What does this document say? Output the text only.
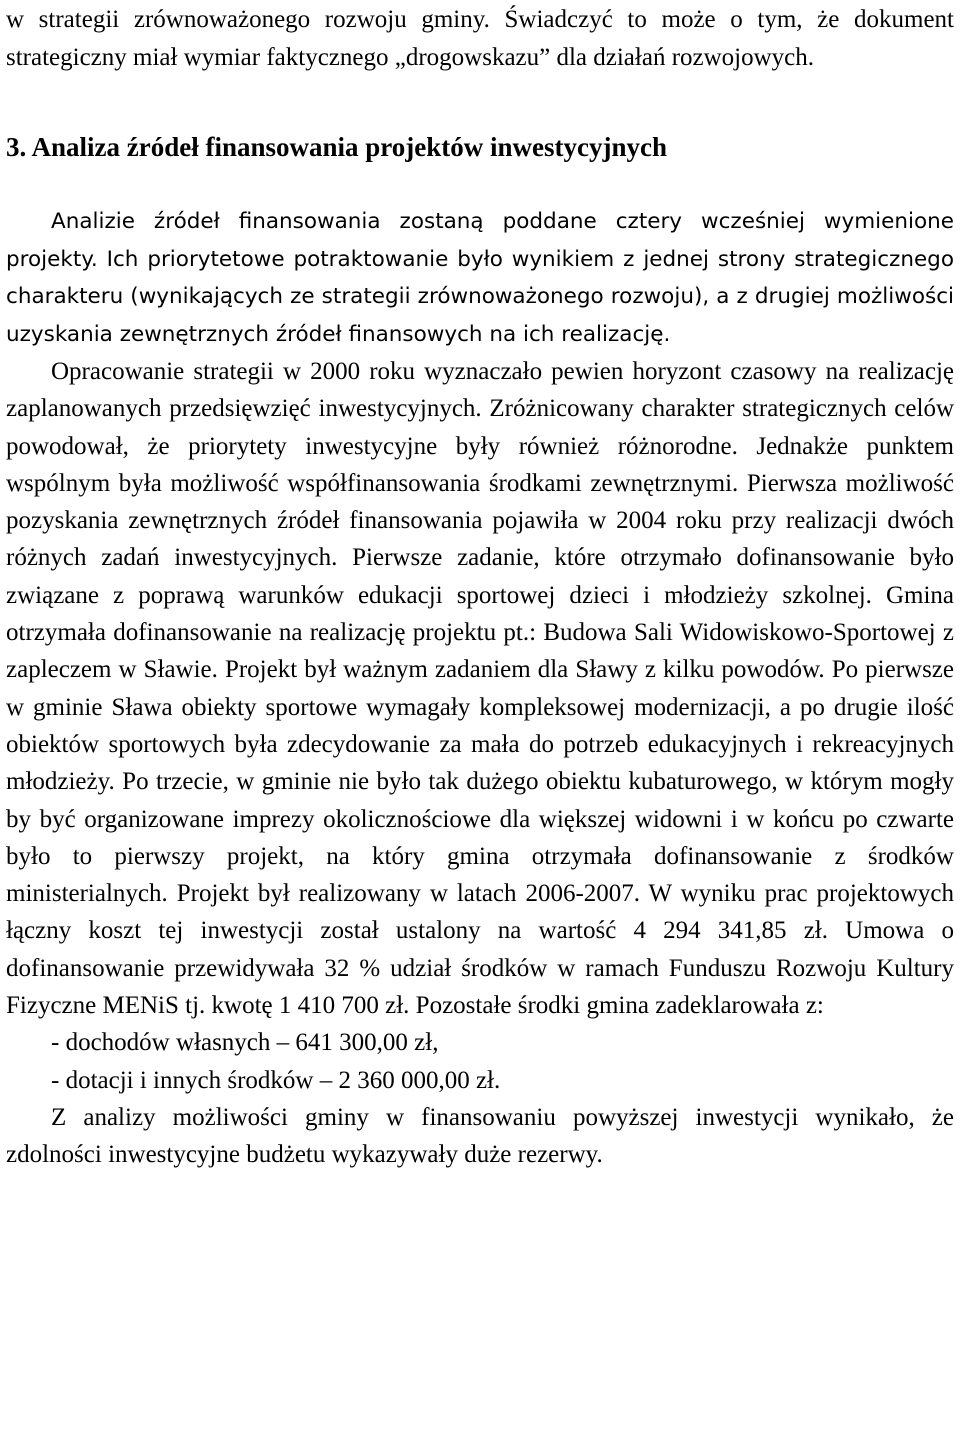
w strategii zrównoważonego rozwoju gminy. Świadczyć to może o tym, że dokument strategiczny miał wymiar faktycznego „drogowskazu” dla działań rozwojowych.

3. Analiza źródeł finansowania projektów inwestycyjnych

Analizie źródeł finansowania zostaną poddane cztery wcześniej wymienione projekty. Ich priorytetowe potraktowanie było wynikiem z jednej strony strategicznego charakteru (wynikających ze strategii zrównoważonego rozwoju), a z drugiej możliwości uzyskania zewnętrznych źródeł finansowych na ich realizację.

Opracowanie strategii w 2000 roku wyznaczało pewien horyzont czasowy na realizację zaplanowanych przedsięwzięć inwestycyjnych. Zróżnicowany charakter strategicznych celów powodował, że priorytety inwestycyjne były również różnorodne. Jednakże punktem wspólnym była możliwość współfinansowania środkami zewnętrznymi. Pierwsza możliwość pozyskania zewnętrznych źródeł finansowania pojawiła w 2004 roku przy realizacji dwóch różnych zadań inwestycyjnych. Pierwsze zadanie, które otrzymało dofinansowanie było związane z poprawą warunków edukacji sportowej dzieci i młodzieży szkolnej. Gmina otrzymała dofinansowanie na realizację projektu pt.: Budowa Sali Widowiskowo-Sportowej z zapleczem w Sławie. Projekt był ważnym zadaniem dla Sławy z kilku powodów. Po pierwsze w gminie Sława obiekty sportowe wymagały kompleksowej modernizacji, a po drugie ilość obiektów sportowych była zdecydowanie za mała do potrzeb edukacyjnych i rekreacyjnych młodzieży. Po trzecie, w gminie nie było tak dużego obiektu kubaturowego, w którym mogły by być organizowane imprezy okolicznościowe dla większej widowni i w końcu po czwarte było to pierwszy projekt, na który gmina otrzymała dofinansowanie z środków ministerialnych. Projekt był realizowany w latach 2006-2007. W wyniku prac projektowych łączny koszt tej inwestycji został ustalony na wartość 4 294 341,85 zł. Umowa o dofinansowanie przewidywała 32 % udział środków w ramach Funduszu Rozwoju Kultury Fizyczne MENiS tj. kwotę 1 410 700 zł. Pozostałe środki gmina zadeklarowała z:

- dochodów własnych – 641 300,00 zł,
- dotacji i innych środków – 2 360 000,00 zł.

Z analizy możliwości gminy w finansowaniu powyższej inwestycji wynikało, że zdolności inwestycyjne budżetu wykazywały duże rezerwy.
